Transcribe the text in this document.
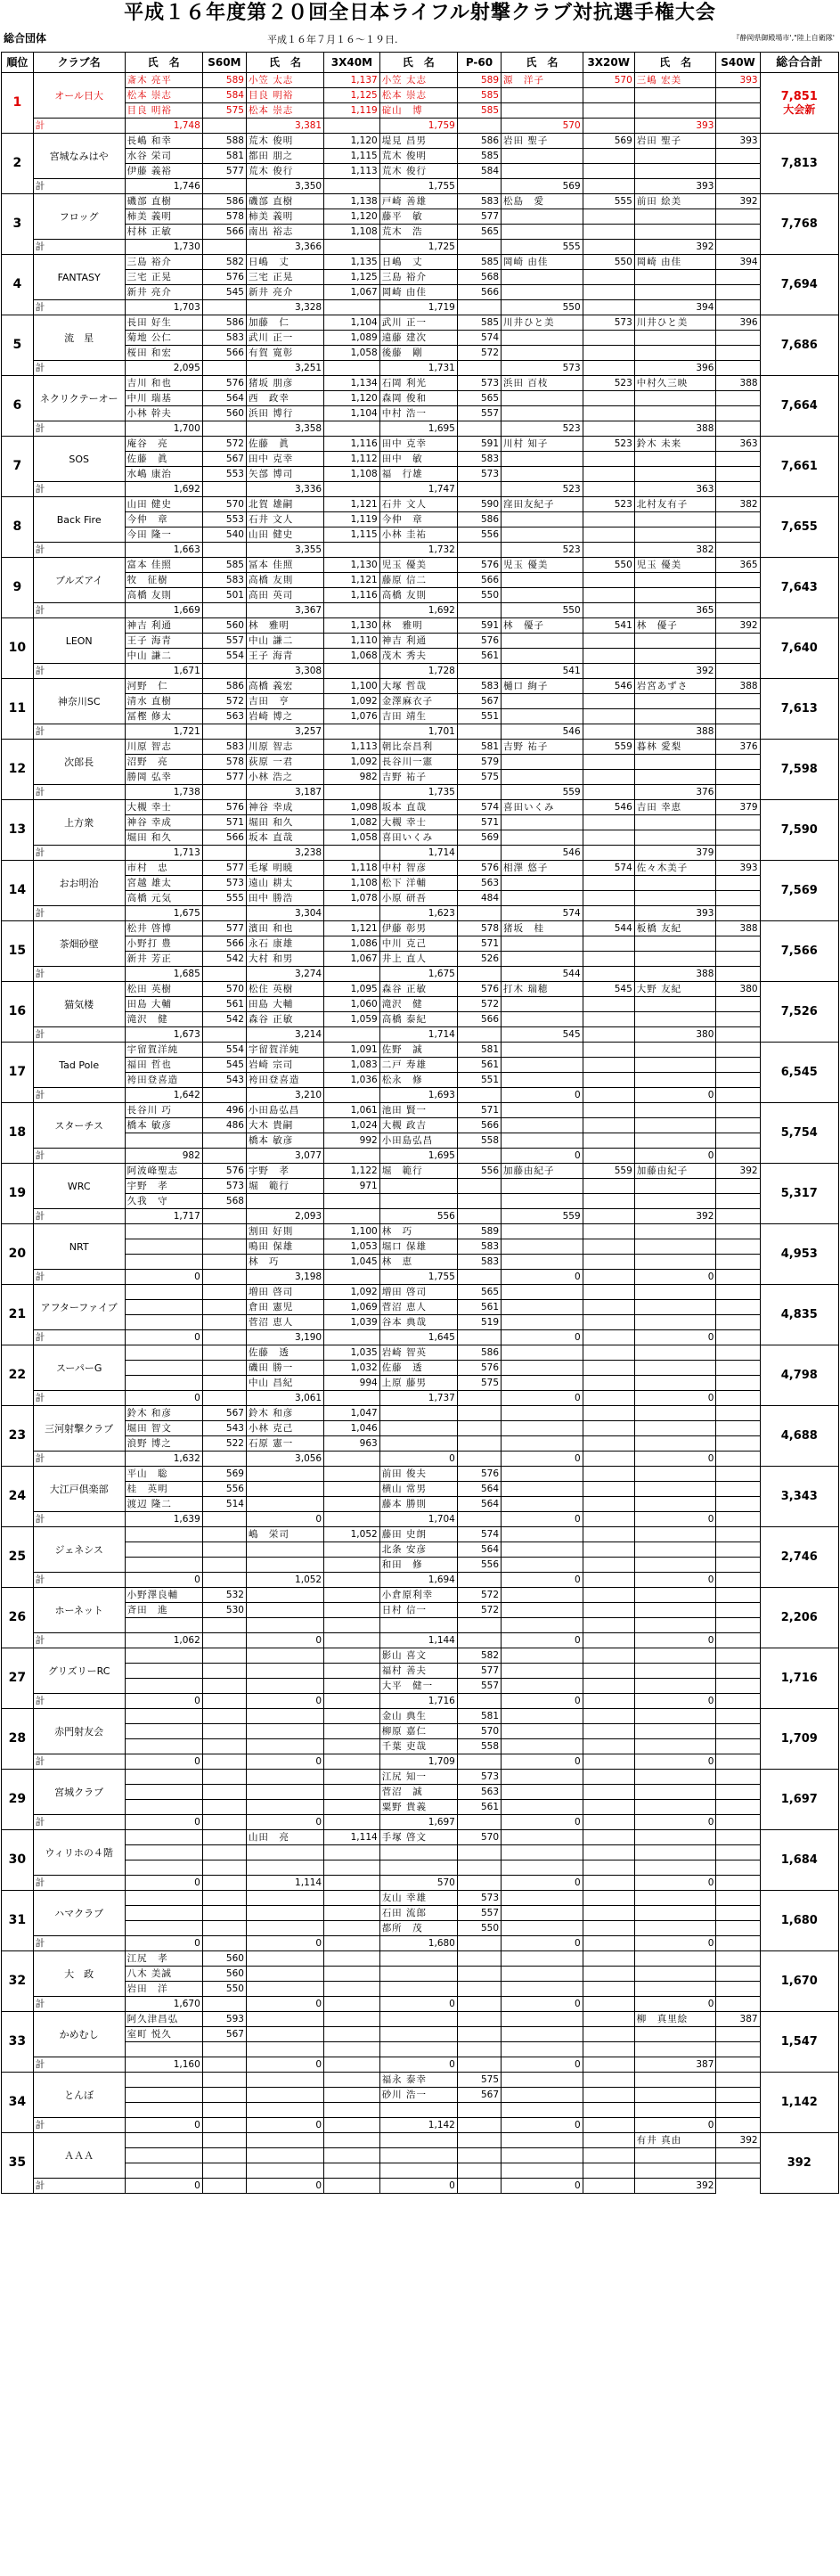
平成１６年度第２０回全日本ライフル射撃クラブ対抗選手権大会
総合団体	平成１６年７月１６～１９日.	『静岡県御殿場市',"陸上自衛隊'
順位	クラブ名	氏　名	S60M	氏　名	3X40M	氏　名	P-60	氏　名	3X20W	氏　名	S40W	総合合計
1	オール日大	斎木 亮平	589	小笠 太志	1,137	小笠 太志	589	源　洋子	570	三嶋 宏美	393	7,851
大会新

		松本 崇志	584	目良 明裕	1,125	松本 崇志	585					
		目良 明裕	575	松本 崇志	1,119	碇山　博	585					
	計	1,748		3,381		1,759		570		393		
2	宮城なみはや	長嶋 和幸	588	荒木 俊明	1,120	堤見 昌男	586	岩田 聖子	569	岩田 聖子	393	7,813
		水谷 栄司	581	都田 朋之	1,115	荒木 俊明	585					
		伊藤 義裕	577	荒木 俊行	1,113	荒木 俊行	584					
	計	1,746		3,350		1,755		569		393		
3	フロッグ	磯部 直樹	586	磯部 直樹	1,138	戸崎 善雄	583	松島　愛	555	前田 絵美	392	7,768
		柿美 義明	578	柿美 義明	1,120	藤平　敏	577					
		村林 正敏	566	南出 裕志	1,108	荒木　浩	565					
	計	1,730		3,366		1,725		555		392		
4	FANTASY	三島 裕介	582	日嶋　丈	1,135	日嶋　丈	585	岡崎 由佳	550	岡崎 由佳	394	7,694
		三宅 正晃	576	三宅 正晃	1,125	三島 裕介	568					
		新井 亮介	545	新井 亮介	1,067	岡崎 由佳	566					
	計	1,703		3,328		1,719		550		394		
5	流　星	長田 好生	586	加藤　仁	1,104	武川 正一	585	川井ひと美	573	川井ひと美	396	7,686
		菊地 公仁	583	武川 正一	1,089	遠藤 建次	574					
		桜田 和宏	566	有賀 寛彰	1,058	後藤　剛	572					
	計	2,095		3,251		1,731		573		396		
6	ネクリクテーオー	吉川 和也	576	猪坂 朋彦	1,134	石岡 利光	573	浜田 百枝	523	中村久三映	388	7,664
		中川 瑞基	564	西　政幸	1,120	森岡 俊和	565					
		小林 幹夫	560	浜田 博行	1,104	中村 浩一	557					
	計	1,700		3,358		1,695		523		388		
7	SOS	庵谷　亮	572	佐藤　眞	1,116	田中 克幸	591	川村 知子	523	鈴木 未来	363	7,661
		佐藤　眞	567	田中 克幸	1,112	田中　敏	583					
		水嶋 康治	553	矢部 博司	1,108	福　行雄	573					
	計	1,692		3,336		1,747		523		363		
8	Back Fire	山田 健史	570	北賀 雄嗣	1,121	石井 文人	590	窪田友紀子	523	北村友有子	382	7,655
		今仲　章	553	石井 文人	1,119	今仲　章	586					
		今田 隆一	540	山田 健史	1,115	小林 圭祐	556					
	計	1,663		3,355		1,732		523		382		
9	ブルズアイ	富本 佳照	585	冨本 佳照	1,130	児玉 優美	576	児玉 優美	550	児玉 優美	365	7,643
		牧　征樹	583	高橋 友則	1,121	藤原 信二	566					
		高橋 友則	501	高田 英司	1,116	高橋 友則	550					
	計	1,669		3,367		1,692		550		365		
10	LEON	神吉 利通	560	林　雅明	1,130	林　雅明	591	林　優子	541	林　優子	392	7,640
		王子 海青	557	中山 謙二	1,110	神吉 利通	576					
		中山 謙二	554	王子 海青	1,068	茂木 秀夫	561					
	計	1,671		3,308		1,728		541		392		
11	神奈川SC	河野　仁	586	高橋 義宏	1,100	大塚 哲哉	583	樋口 絢子	546	岩宮あずさ	388	7,613
		清水 直樹	572	吉田　亨	1,092	金澤麻衣子	567					
		冨樫 修太	563	岩崎 博之	1,076	吉田 靖生	551					
	計	1,721		3,257		1,701		546		388		
12	次郎長	川原 智志	583	川原 智志	1,113	朝比奈昌利	581	吉野 祐子	559	暮林 愛梨	376	7,598
		沼野　亮	578	荻原 一君	1,092	長谷川一憲	579					
		勝岡 弘幸	577	小林 浩之	982	吉野 祐子	575					
	計	1,738		3,187		1,735		559		376		
13	上方衆	大槻 幸士	576	神谷 幸成	1,098	坂本 直哉	574	喜田いくみ	546	吉田 幸恵	379	7,590
		神谷 幸成	571	堀田 和久	1,082	大槻 幸士	571					
		堀田 和久	566	坂本 直哉	1,058	喜田いくみ	569					
	計	1,713		3,238		1,714		546		379		
14	おお明治	市村　忠	577	毛塚 明暁	1,118	中村 智彦	576	相澤 悠子	574	佐々木美子	393	7,569
		宮越 雄太	573	遠山 耕太	1,108	松下 洋輔	563					
		高橋 元気	555	田中 勝浩	1,078	小原 研吾	484					
	計	1,675		3,304		1,623		574		393		
15	茶畑砂壁	松井 啓博	577	濱田 和也	1,121	伊藤 彰男	578	猪坂　桂	544	板橋 友紀	388	7,566
		小野打 豊	566	永石 康雄	1,086	中川 克己	571					
		新井 芳正	542	大村 和男	1,067	井上 直人	526					
	計	1,685		3,274		1,675		544		388		
16	猫気楼	松田 英樹	570	松住 英樹	1,095	森谷 正敏	576	打木 瑞穂	545	大野 友紀	380	7,526
		田島 大輔	561	田島 大輔	1,060	滝沢　健	572					
		滝沢　健	542	森谷 正敏	1,059	高橋 泰紀	566					
	計	1,673		3,214		1,714		545		380		
17	Tad Pole	宇留賀洋純	554	宇留賀洋純	1,091	佐野　誠	581					6,545
		福田 哲也	545	岩崎 宗司	1,083	二戸 寿雄	561					
		袴田登喜造	543	袴田登喜造	1,036	松永　修	551					
	計	1,642		3,210		1,693		0		0		
18	スターチス	長谷川 巧	496	小田島弘昌	1,061	池田 賢一	571					5,754
		橋本 敏彦	486	大木 貴嗣	1,024	大槻 政吉	566					
				橋本 敏彦	992	小田島弘昌	558					
	計	982		3,077		1,695		0		0		
19	WRC	阿波峰聖志	576	宇野　孝	1,122	堀　範行	556	加藤由紀子	559	加藤由紀子	392	5,317
		宇野　孝	573	堀　範行	971							
		久我　守	568									
	計	1,717		2,093		556		559		392		
20	NRT			割田 好則	1,100	林　巧	589					4,953
				鳴田 保雄	1,053	堀口 保雄	583					
				林　巧	1,045	林　恵	583					
	計	0		3,198		1,755		0		0		
21	アフターファイブ			増田 啓司	1,092	増田 啓司	565					4,835
				倉田 憲児	1,069	菅沼 恵人	561					
				菅沼 恵人	1,039	谷本 典哉	519					
	計	0		3,190		1,645		0		0		
22	スーパーG			佐藤　透	1,035	岩崎 智英	586					4,798
				磯田 勝一	1,032	佐藤　透	576					
				中山 昌紀	994	上原 藤男	575					
	計	0		3,061		1,737		0		0		
23	三河射撃クラブ	鈴木 和彦	567	鈴木 和彦	1,047							4,688
		堀田 智文	543	小林 克己	1,046							
		浪野 博之	522	石原 憲一	963							
	計	1,632		3,056		0		0		0		
24	大江戸倶楽部	平山　聡	569			前田 俊夫	576					3,343
		桂　英明	556			横山 常男	564					
		渡辺 隆二	514			藤本 勝則	564					
	計	1,639		0		1,704		0		0		
25	ジェネシス			嶋　栄司	1,052	藤田 史朗	574					2,746
						北条 安彦	564					
						和田　修	556					
	計	0		1,052		1,694		0		0		
26	ホーネット	小野澤良輔	532			小倉原利幸	572					2,206
		斉田　進	530			日村 信一	572					

	計	1,062		0		1,144		0		0		
27	グリズリーRC					影山 喜文	582					1,716
						福村 善夫	577					
						大平　健一	557					
	計	0		0		1,716		0		0		
28	赤門射友会					金山 典生	581					1,709
						柳原 嘉仁	570					
						千葉 吏哉	558					
	計	0		0		1,709		0		0		
29	宮城クラブ					江尻 知一	573					1,697
						菅沼　誠	563					
						粟野 貴義	561					
	計	0		0		1,697		0		0		
30	ウィリホの４階			山田　亮	1,114	手塚 啓文	570					1,684

	計	0		1,114		570		0		0		
31	ハマクラブ					友山 幸雄	573					1,680
						石田 流郎	557					
						都所　茂	550					
	計	0		0		1,680		0		0		
32	大　政	江尻　孝	560									1,670
		八木 美誠	560									
		岩田　洋	550									
	計	1,670		0		0		0		0		
33	かめむし	阿久津昌弘	593							柳　真里絵	387	1,547
		室町 悦久	567									

	計	1,160		0		0		0		387		
34	とんぼ					福永 泰幸	575					1,142
						砂川 浩一	567					

	計	0		0		1,142		0		0		
35	ＡＡＡ									有井 真由	392	392

	計	0		0		0		0		392		
